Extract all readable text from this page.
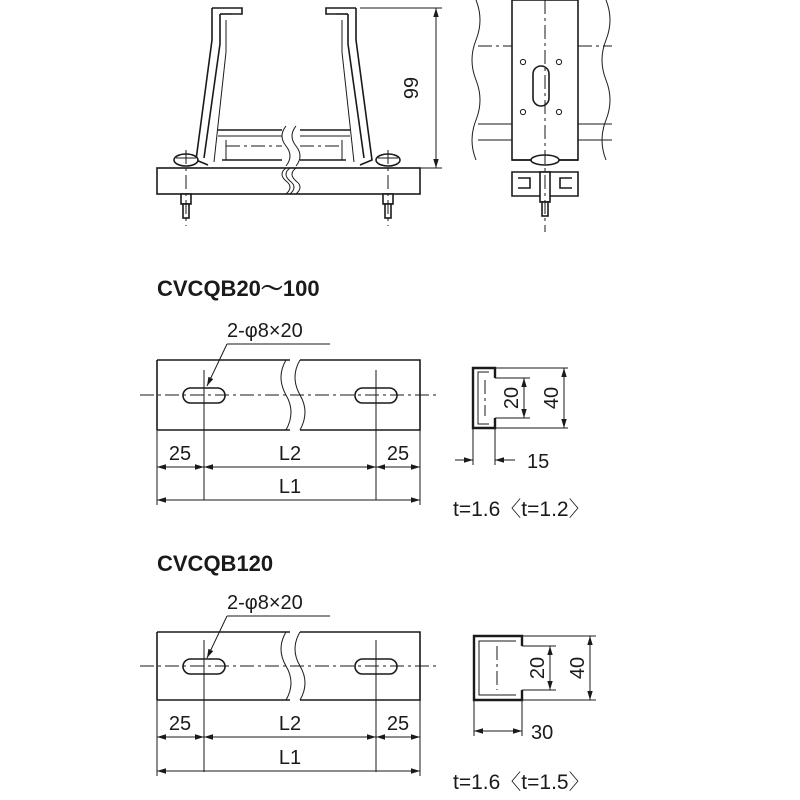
99
CVCQB20〜100
2-φ8×20
25	L2	25
L1
20 40
15
t=1.6〈t=1.2〉
CVCQB120
2-φ8×20
25	L2	25
L1
20 40
30
t=1.6〈t=1.5〉
